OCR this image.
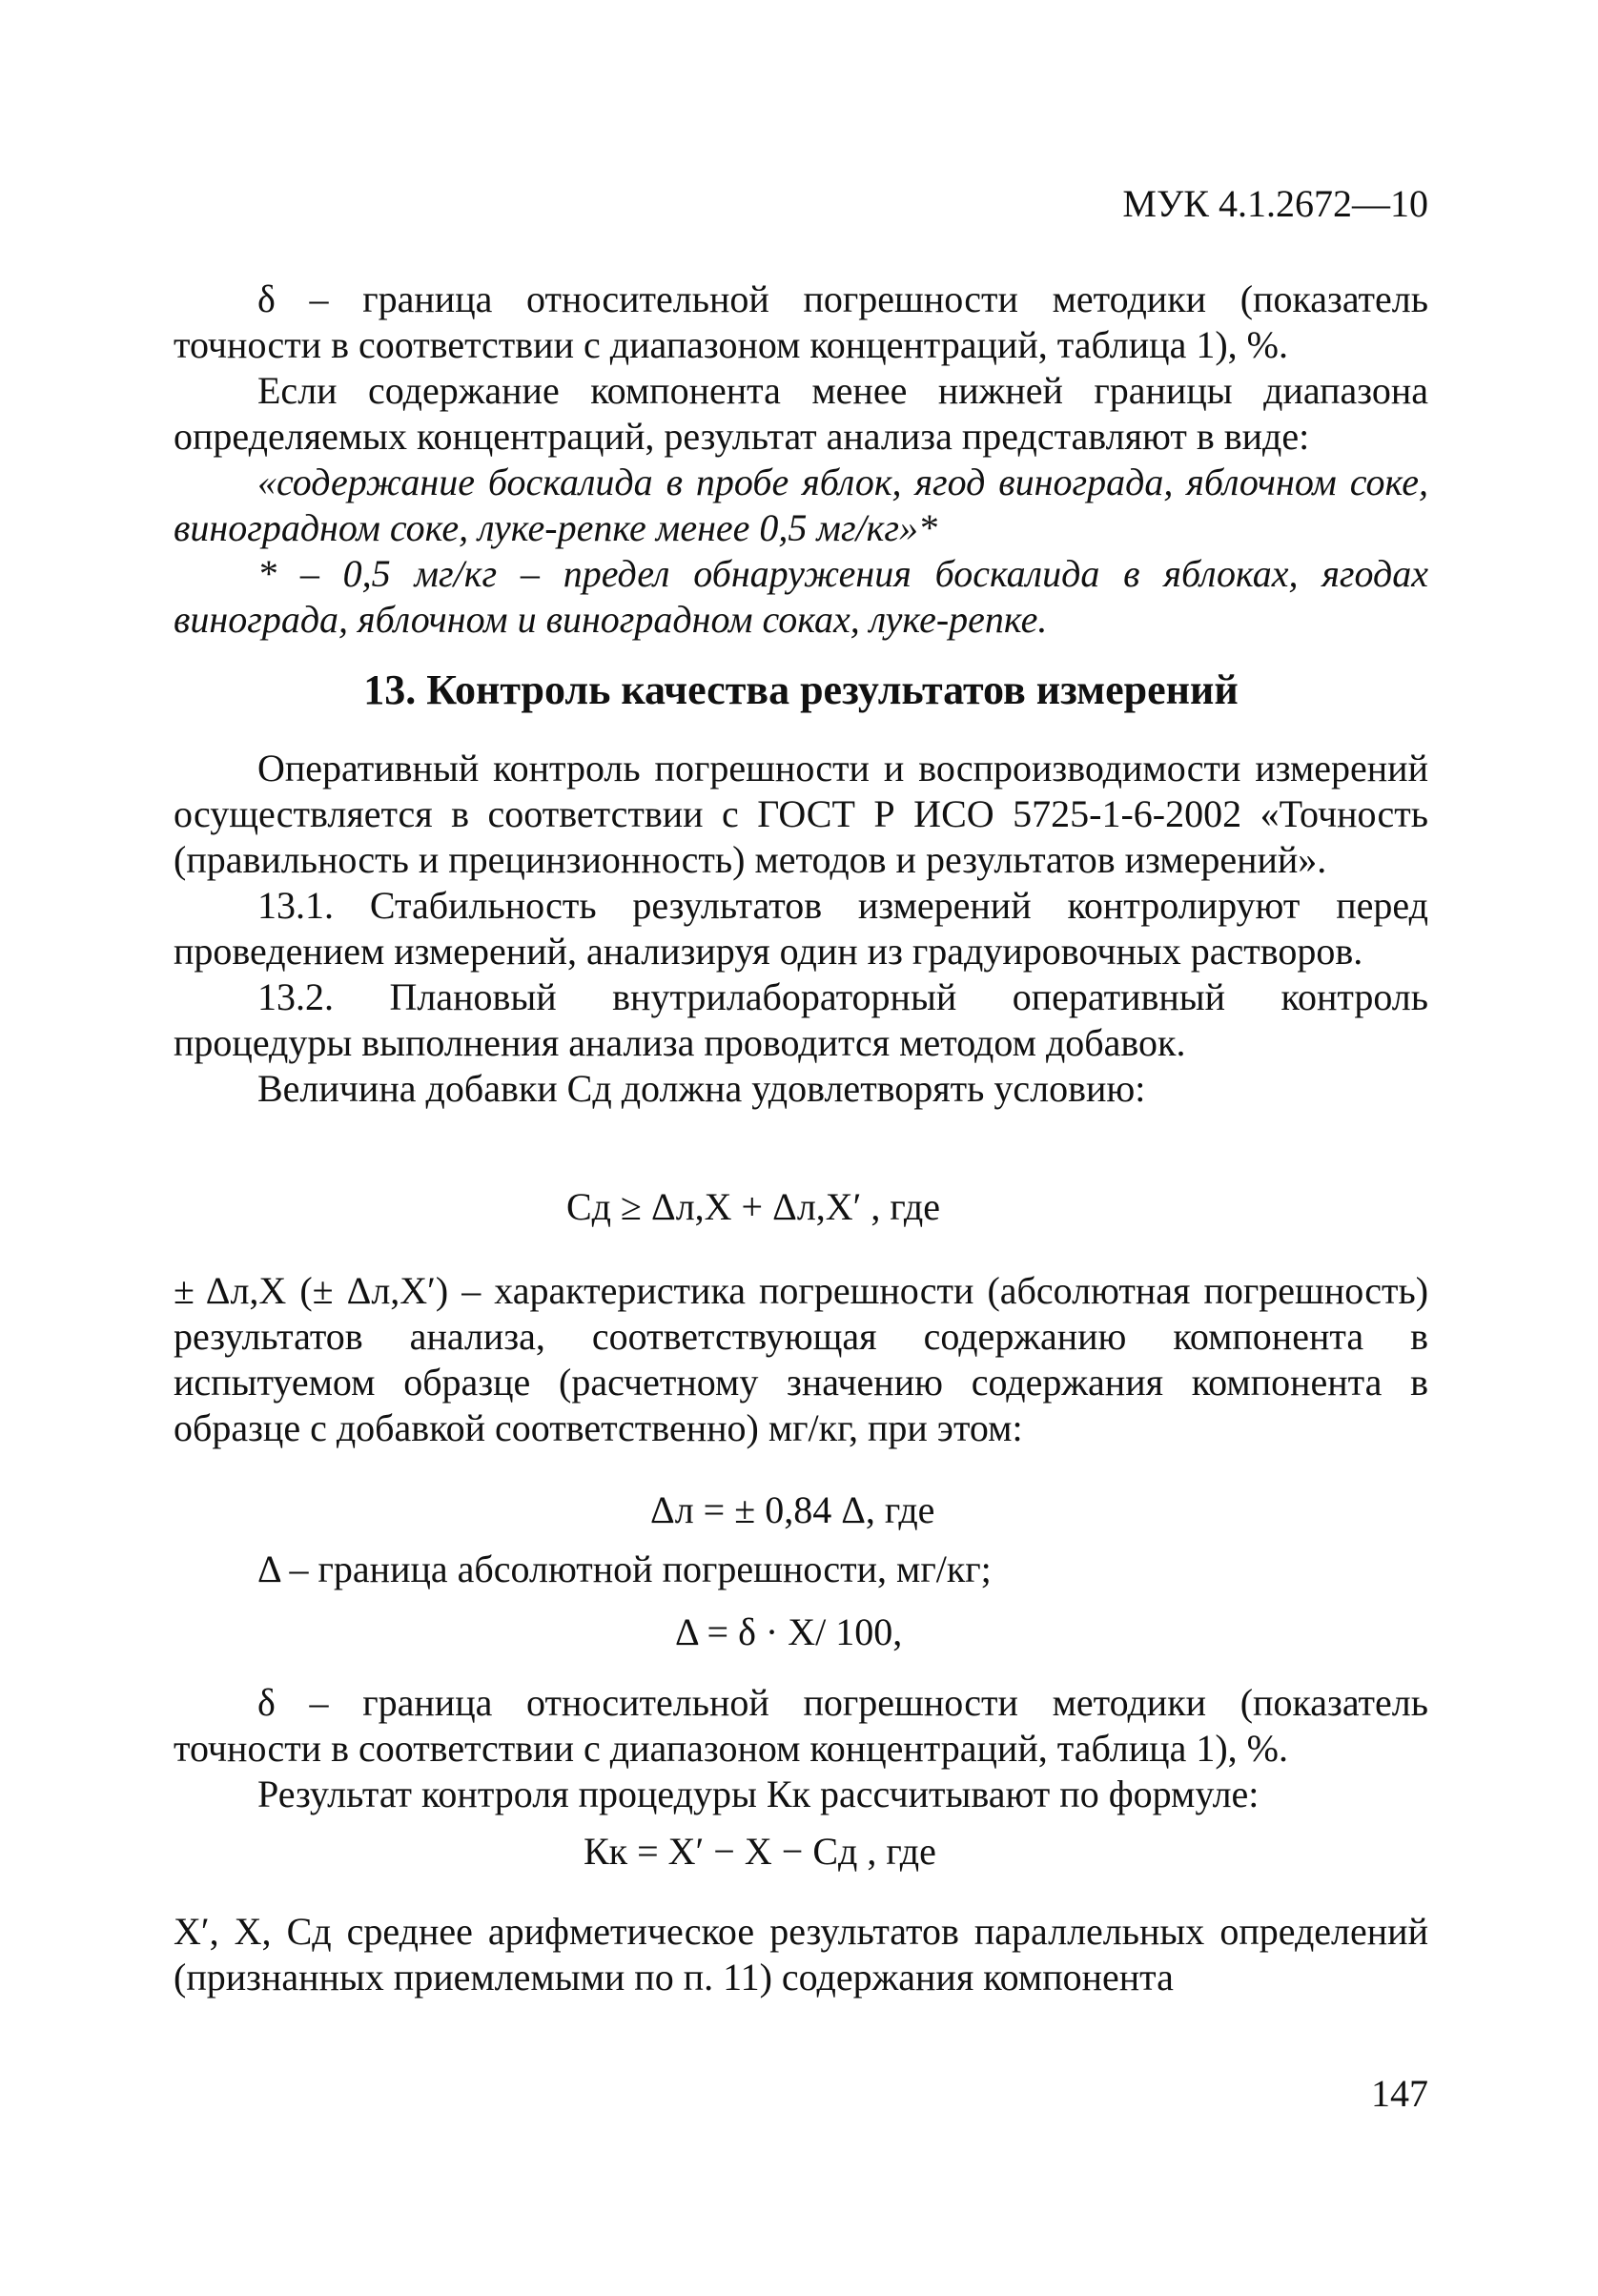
МУК 4.1.2672—10

δ – граница относительной погрешности методики (показатель точности в соответствии с диапазоном концентраций, таблица 1), %.

Если содержание компонента менее нижней границы диапазона определяемых концентраций, результат анализа представляют в виде:

«содержание боскалида в пробе яблок, ягод винограда, яблочном соке, виноградном соке, луке-репке менее 0,5 мг/кг»*

* – 0,5 мг/кг – предел обнаружения боскалида в яблоках, ягодах винограда, яблочном и виноградном соках, луке-репке.

13. Контроль качества результатов измерений

Оперативный контроль погрешности и воспроизводимости измерений осуществляется в соответствии с ГОСТ Р ИСО 5725-1-6-2002 «Точность (правильность и прецинзионность) методов и результатов измерений».

13.1. Стабильность результатов измерений контролируют перед проведением измерений, анализируя один из градуировочных растворов.

13.2. Плановый внутрилабораторный оперативный контроль процедуры выполнения анализа проводится методом добавок.

Величина добавки Сд должна удовлетворять условию:

Сд ≥ Δл,X + Δл,X′ , где

± Δл,X (± Δл,X′) – характеристика погрешности (абсолютная погрешность) результатов анализа, соответствующая содержанию компонента в испытуемом образце (расчетному значению содержания компонента в образце с добавкой соответственно) мг/кг, при этом:

Δл = ± 0,84 Δ, где

Δ – граница абсолютной погрешности, мг/кг;

Δ = δ · Х/ 100,

δ – граница относительной погрешности методики (показатель точности в соответствии с диапазоном концентраций, таблица 1), %.

Результат контроля процедуры Кк рассчитывают по формуле:

Кк = X′ − X − Сд , где

X′, X, Сд среднее арифметическое результатов параллельных определений (признанных приемлемыми по п. 11) содержания компонента

147
